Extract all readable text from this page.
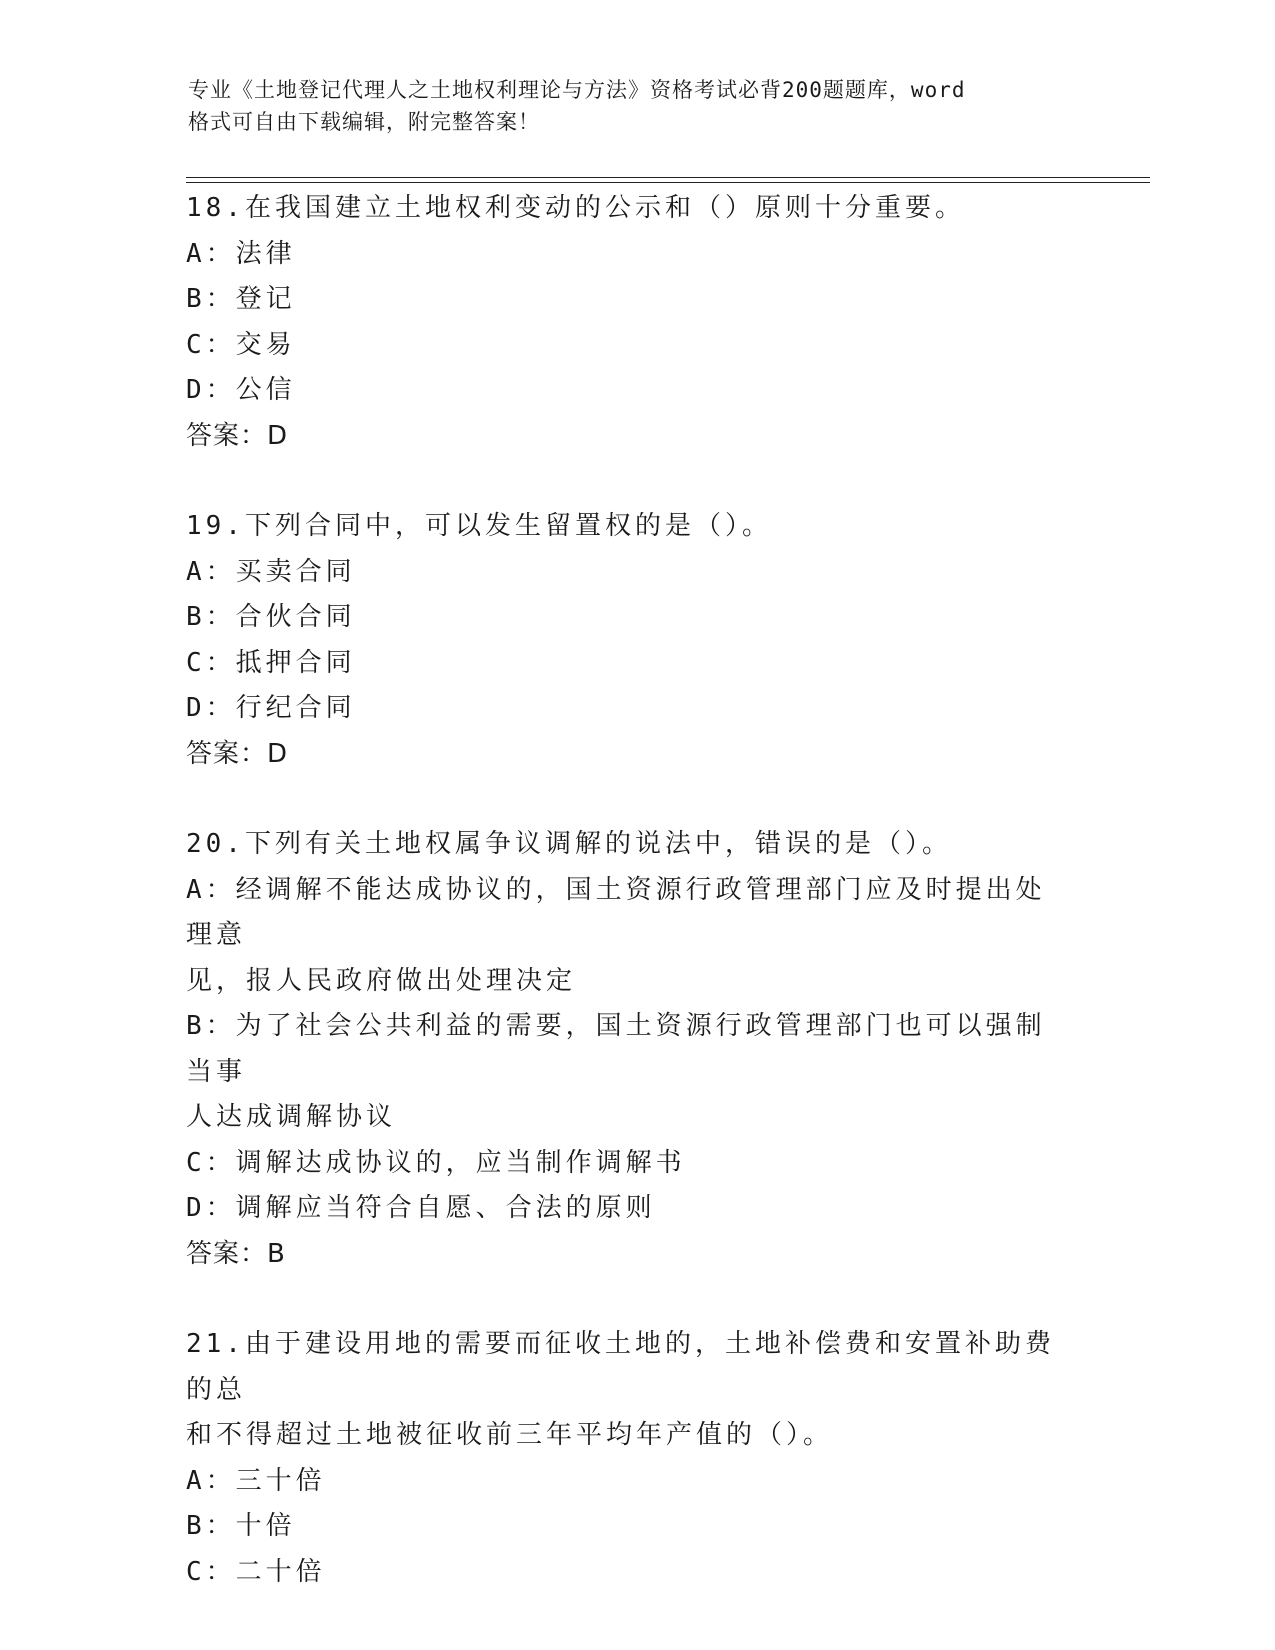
专业《土地登记代理人之土地权利理论与方法》资格考试必背200题题库，word
格式可自由下载编辑，附完整答案！
18.在我国建立土地权利变动的公示和（）原则十分重要。
A：法律
B：登记
C：交易
D：公信
答案：D
19.下列合同中，可以发生留置权的是（）。
A：买卖合同
B：合伙合同
C：抵押合同
D：行纪合同
答案：D
20.下列有关土地权属争议调解的说法中，错误的是（）。
A：经调解不能达成协议的，国土资源行政管理部门应及时提出处理意
见，报人民政府做出处理决定
B：为了社会公共利益的需要，国土资源行政管理部门也可以强制当事
人达成调解协议
C：调解达成协议的，应当制作调解书
D：调解应当符合自愿、合法的原则
答案：B
21.由于建设用地的需要而征收土地的，土地补偿费和安置补助费的总
和不得超过土地被征收前三年平均年产值的（）。
A：三十倍
B：十倍
C：二十倍
